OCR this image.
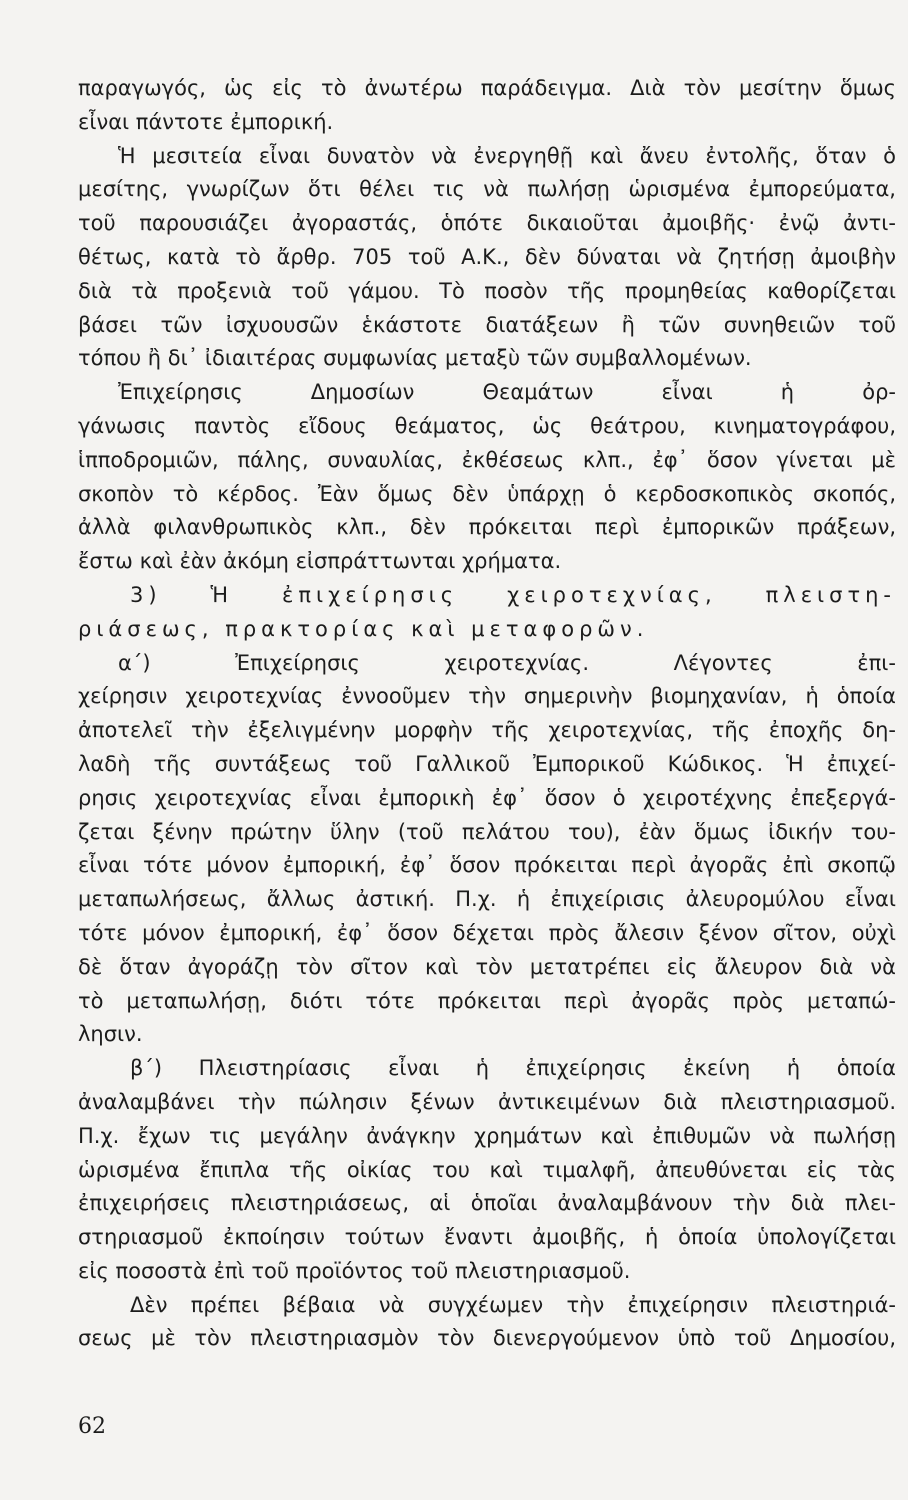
παραγωγός, ὡς εἰς τὸ ἀνωτέρω παράδειγμα. Διὰ τὸν μεσίτην ὅμως
εἶναι πάντοτε ἐμπορική.
Ἡ μεσιτεία εἶναι δυνατὸν νὰ ἐνεργηθῇ καὶ ἄνευ ἐντολῆς, ὅταν ὁ
μεσίτης, γνωρίζων ὅτι θέλει τις νὰ πωλήσῃ ὡρισμένα ἐμπορεύματα,
τοῦ παρουσιάζει ἀγοραστάς, ὁπότε δικαιοῦται ἀμοιβῆς· ἐνῷ ἀντι-
θέτως, κατὰ τὸ ἄρθρ. 705 τοῦ Α.Κ., δὲν δύναται νὰ ζητήσῃ ἀμοιβὴν
διὰ τὰ προξενιὰ τοῦ γάμου. Τὸ ποσὸν τῆς προμηθείας καθορίζεται
βάσει τῶν ἰσχυουσῶν ἑκάστοτε διατάξεων ἢ τῶν συνηθειῶν τοῦ
τόπου ἢ δι᾽ ἰδιαιτέρας συμφωνίας μεταξὺ τῶν συμβαλλομένων.
Ἐπιχείρησις Δημοσίων Θεαμάτων εἶναι ἡ ὀρ-
γάνωσις παντὸς εἴδους θεάματος, ὡς θεάτρου, κινηματογράφου,
ἱπποδρομιῶν, πάλης, συναυλίας, ἐκθέσεως κλπ., ἐφ᾽ ὅσον γίνεται μὲ
σκοπὸν τὸ κέρδος. Ἐὰν ὅμως δὲν ὑπάρχῃ ὁ κερδοσκοπικὸς σκοπός,
ἀλλὰ φιλανθρωπικὸς κλπ., δὲν πρόκειται περὶ ἐμπορικῶν πράξεων,
ἔστω καὶ ἐὰν ἀκόμη εἰσπράττωνται χρήματα.
3) Ἡ ἐπιχείρησις χειροτεχνίας, πλειστη-
ριάσεως, πρακτορίας καὶ μεταφορῶν.
α΄) Ἐπιχείρησις χειροτεχνίας. Λέγοντες ἐπι-
χείρησιν χειροτεχνίας ἐννοοῦμεν τὴν σημερινὴν βιομηχανίαν, ἡ ὁποία
ἀποτελεῖ τὴν ἐξελιγμένην μορφὴν τῆς χειροτεχνίας, τῆς ἐποχῆς δη-
λαδὴ τῆς συντάξεως τοῦ Γαλλικοῦ Ἐμπορικοῦ Κώδικος. Ἡ ἐπιχεί-
ρησις χειροτεχνίας εἶναι ἐμπορικὴ ἐφ᾽ ὅσον ὁ χειροτέχνης ἐπεξεργά-
ζεται ξένην πρώτην ὕλην (τοῦ πελάτου του), ἐὰν ὅμως ἰδικήν του-
εἶναι τότε μόνον ἐμπορική, ἐφ᾽ ὅσον πρόκειται περὶ ἀγορᾶς ἐπὶ σκοπῷ
μεταπωλήσεως, ἄλλως ἀστική. Π.χ. ἡ ἐπιχείρισις ἀλευρομύλου εἶναι
τότε μόνον ἐμπορική, ἐφ᾽ ὅσον δέχεται πρὸς ἄλεσιν ξένον σῖτον, οὐχὶ
δὲ ὅταν ἀγοράζῃ τὸν σῖτον καὶ τὸν μετατρέπει εἰς ἄλευρον διὰ νὰ
τὸ μεταπωλήσῃ, διότι τότε πρόκειται περὶ ἀγορᾶς πρὸς μεταπώ-
λησιν.
β΄) Πλειστηρίασις εἶναι ἡ ἐπιχείρησις ἐκείνη ἡ ὁποία
ἀναλαμβάνει τὴν πώλησιν ξένων ἀντικειμένων διὰ πλειστηριασμοῦ.
Π.χ. ἔχων τις μεγάλην ἀνάγκην χρημάτων καὶ ἐπιθυμῶν νὰ πωλήσῃ
ὡρισμένα ἔπιπλα τῆς οἰκίας του καὶ τιμαλφῆ, ἀπευθύνεται εἰς τὰς
ἐπιχειρήσεις πλειστηριάσεως, αἱ ὁποῖαι ἀναλαμβάνουν τὴν διὰ πλει-
στηριασμοῦ ἐκποίησιν τούτων ἔναντι ἀμοιβῆς, ἡ ὁποία ὑπολογίζεται
εἰς ποσοστὰ ἐπὶ τοῦ προϊόντος τοῦ πλειστηριασμοῦ.
Δὲν πρέπει βέβαια νὰ συγχέωμεν τὴν ἐπιχείρησιν πλειστηριά-
σεως μὲ τὸν πλειστηριασμὸν τὸν διενεργούμενον ὑπὸ τοῦ Δημοσίου,
62
